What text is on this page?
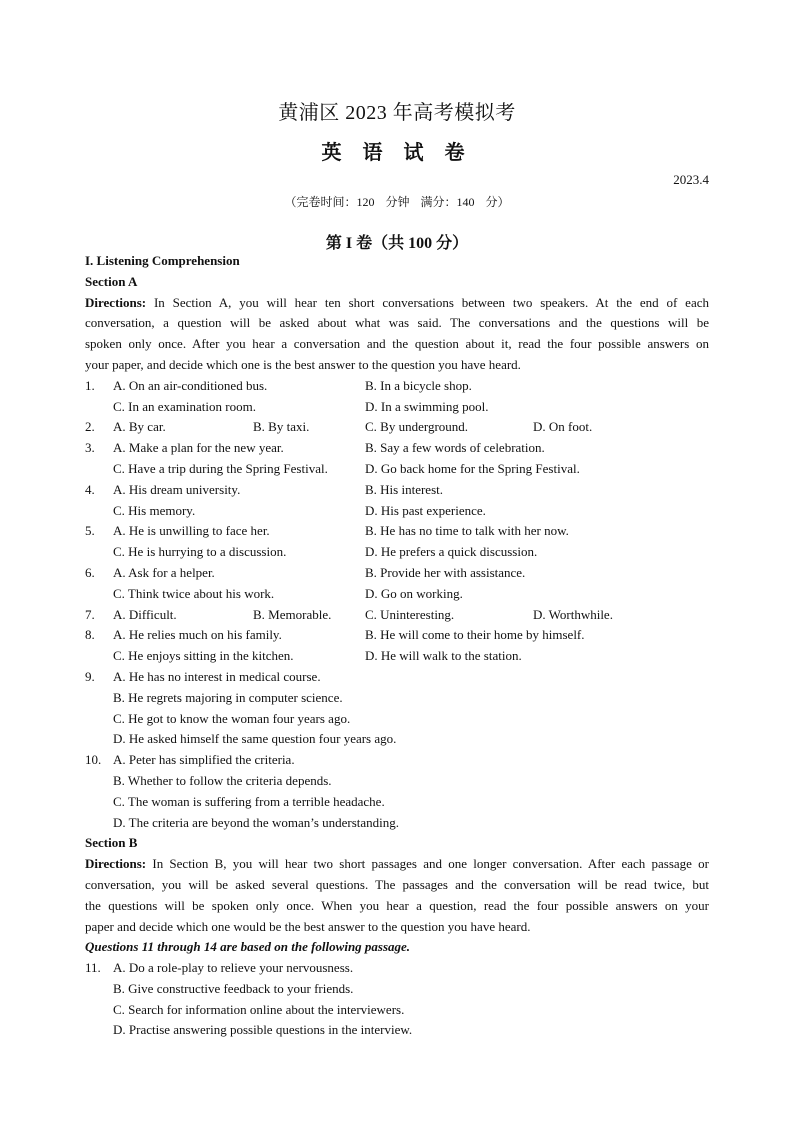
黄浦区 2023 年高考模拟考
英 语 试 卷
2023.4
（完卷时间：120 分钟 满分：140 分）
第 I 卷（共 100 分）
I. Listening Comprehension
Section A
Directions: In Section A, you will hear ten short conversations between two speakers. At the end of each
conversation, a question will be asked about what was said. The conversations and the questions will be
spoken only once. After you hear a conversation and the question about it, read the four possible answers on
your paper, and decide which one is the best answer to the question you have heard.
1. A. On an air-conditioned bus.	B. In a bicycle shop.
C. In an examination room.	D. In a swimming pool.
2. A. By car.	B. By taxi.	C. By underground.	D. On foot.
3. A. Make a plan for the new year.	B. Say a few words of celebration.
C. Have a trip during the Spring Festival.	D. Go back home for the Spring Festival.
4. A. His dream university.	B. His interest.
C. His memory.	D. His past experience.
5. A. He is unwilling to face her.	B. He has no time to talk with her now.
C. He is hurrying to a discussion.	D. He prefers a quick discussion.
6. A. Ask for a helper.	B. Provide her with assistance.
C. Think twice about his work.	D. Go on working.
7. A. Difficult.	B. Memorable.	C. Uninteresting.	D. Worthwhile.
8. A. He relies much on his family.	B. He will come to their home by himself.
C. He enjoys sitting in the kitchen.	D. He will walk to the station.
9. A. He has no interest in medical course.
B. He regrets majoring in computer science.
C. He got to know the woman four years ago.
D. He asked himself the same question four years ago.
10. A. Peter has simplified the criteria.
B. Whether to follow the criteria depends.
C. The woman is suffering from a terrible headache.
D. The criteria are beyond the woman’s understanding.
Section B
Directions: In Section B, you will hear two short passages and one longer conversation. After each passage or
conversation, you will be asked several questions. The passages and the conversation will be read twice, but
the questions will be spoken only once. When you hear a question, read the four possible answers on your
paper and decide which one would be the best answer to the question you have heard.
Questions 11 through 14 are based on the following passage.
11. A. Do a role-play to relieve your nervousness.
B. Give constructive feedback to your friends.
C. Search for information online about the interviewers.
D. Practise answering possible questions in the interview.
